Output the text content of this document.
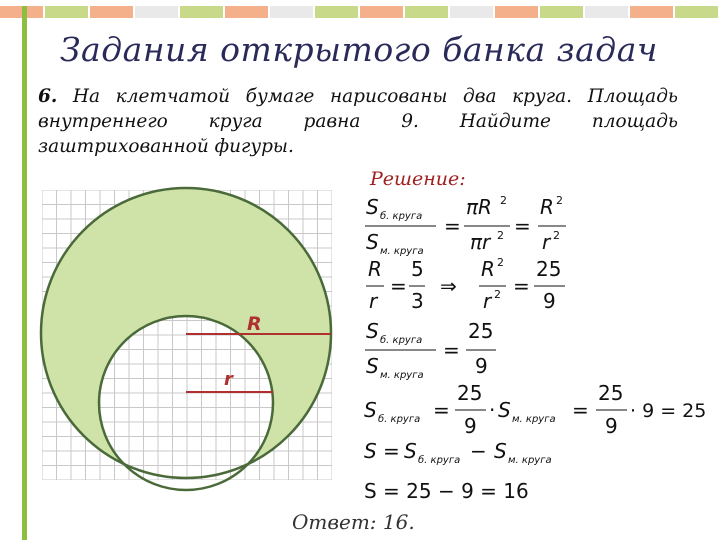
Задания открытого банка задач
6. На клетчатой бумаге нарисованы два круга. Площадь внутреннего круга равна 9. Найдите площадь заштрихованной фигуры.
Решение:
R
r
S б. круга
S м. круга
=
πR 2
πr 2 =
R 2
r 2
R
r
=
5
3
⇒
R 2
r 2 =
25
9
S б. круга
S м. круга
=
25
9
S б. круга =
25
9
· S м. круга =
25
9
⋅ 9 = 25
S = S б. круга − S м. круга
S = 25 − 9 = 16
Ответ: 16.
